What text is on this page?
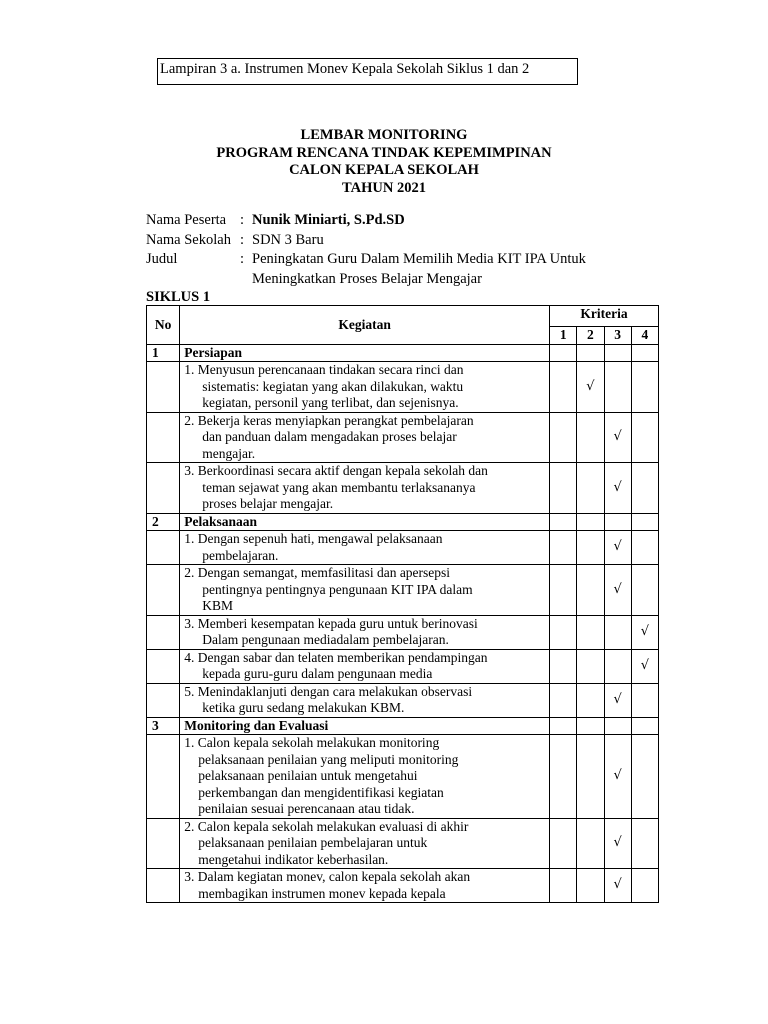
Lampiran 3 a. Instrumen Monev Kepala Sekolah Siklus 1 dan 2
LEMBAR MONITORING
PROGRAM RENCANA TINDAK KEPEMIMPINAN
CALON KEPALA SEKOLAH
TAHUN 2021
Nama Peserta : Nunik Miniarti, S.Pd.SD
Nama Sekolah : SDN 3 Baru
Judul	: Peningkatan Guru Dalam Memilih Media KIT IPA Untuk
Meningkatkan Proses Belajar Mengajar
SIKLUS 1
No	Kegiatan	Kriteria			
		1	2	3	4
1	Persiapan				

	1. Menyusun perencanaan tindakan secara rinci dan
sistematis: kegiatan yang akan dilakukan, waktu
kegiatan, personil yang terlibat, dan sejenisnya.		√		

	2. Bekerja keras menyiapkan perangkat pembelajaran
dan panduan dalam mengadakan proses belajar
mengajar.			√	

	3. Berkoordinasi secara aktif dengan kepala sekolah dan
teman sejawat yang akan membantu terlaksananya
proses belajar mengajar.			√	
2	Pelaksanaan				

	1. Dengan sepenuh hati, mengawal pelaksanaan
pembelajaran.			√	

	2. Dengan semangat, memfasilitasi dan apersepsi
pentingnya pentingnya pengunaan KIT IPA dalam
KBM			√	

	3. Memberi kesempatan kepada guru untuk berinovasi
Dalam pengunaan mediadalam pembelajaran.				√

	4. Dengan sabar dan telaten memberikan pendampingan
kepada guru-guru dalam pengunaan media				√

	5. Menindaklanjuti dengan cara melakukan observasi
ketika guru sedang melakukan KBM.			√	
3	Monitoring dan Evaluasi				

	1. Calon kepala sekolah melakukan monitoring
pelaksanaan penilaian yang meliputi monitoring
pelaksanaan penilaian untuk mengetahui
perkembangan dan mengidentifikasi kegiatan
penilaian sesuai perencanaan atau tidak.			√	

	2. Calon kepala sekolah melakukan evaluasi di akhir
pelaksanaan penilaian pembelajaran untuk
mengetahui indikator keberhasilan.			√	

	3. Dalam kegiatan monev, calon kepala sekolah akan
membagikan instrumen monev kepada kepala			√	
